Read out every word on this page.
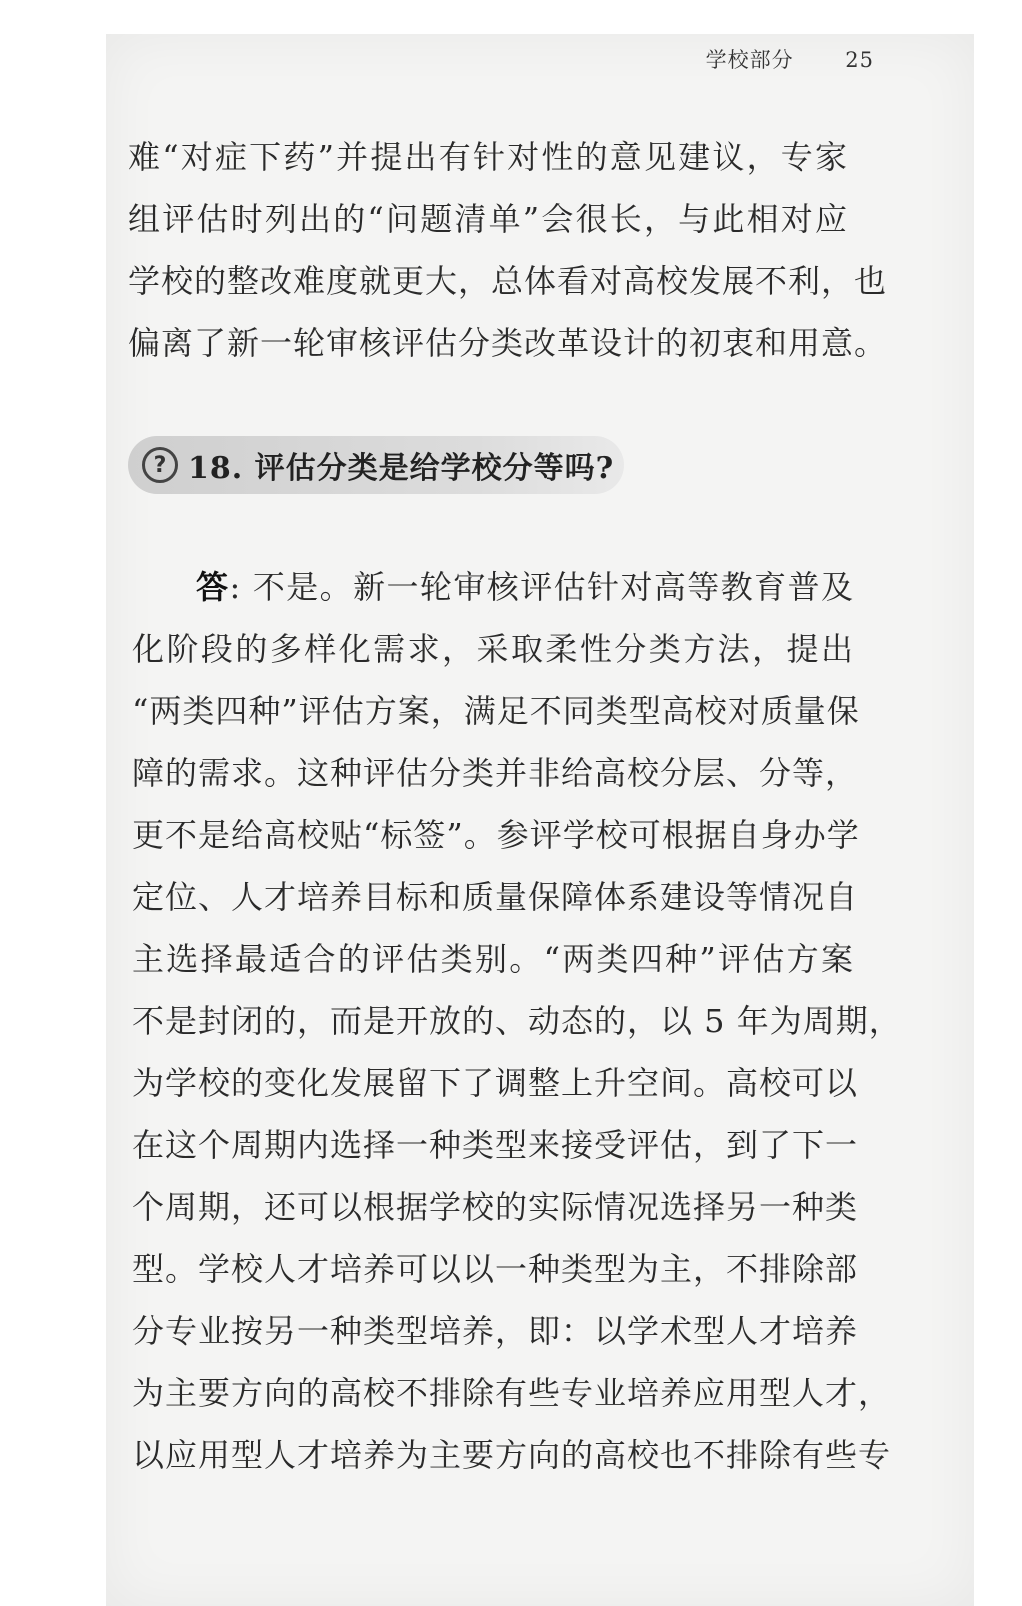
学校部分 25
难“对症下药”并提出有针对性的意见建议，专家
组评估时列出的“问题清单”会很长，与此相对应
学校的整改难度就更大，总体看对高校发展不利，也
偏离了新一轮审核评估分类改革设计的初衷和用意。
? 18. 评估分类是给学校分等吗?
答: 不是。新一轮审核评估针对高等教育普及
化阶段的多样化需求，采取柔性分类方法，提出
“两类四种”评估方案，满足不同类型高校对质量保
障的需求。这种评估分类并非给高校分层、分等，
更不是给高校贴“标签”。参评学校可根据自身办学
定位、人才培养目标和质量保障体系建设等情况自
主选择最适合的评估类别。“两类四种”评估方案
不是封闭的，而是开放的、动态的，以 5 年为周期，
为学校的变化发展留下了调整上升空间。高校可以
在这个周期内选择一种类型来接受评估，到了下一
个周期，还可以根据学校的实际情况选择另一种类
型。学校人才培养可以以一种类型为主，不排除部
分专业按另一种类型培养，即：以学术型人才培养
为主要方向的高校不排除有些专业培养应用型人才，
以应用型人才培养为主要方向的高校也不排除有些专
